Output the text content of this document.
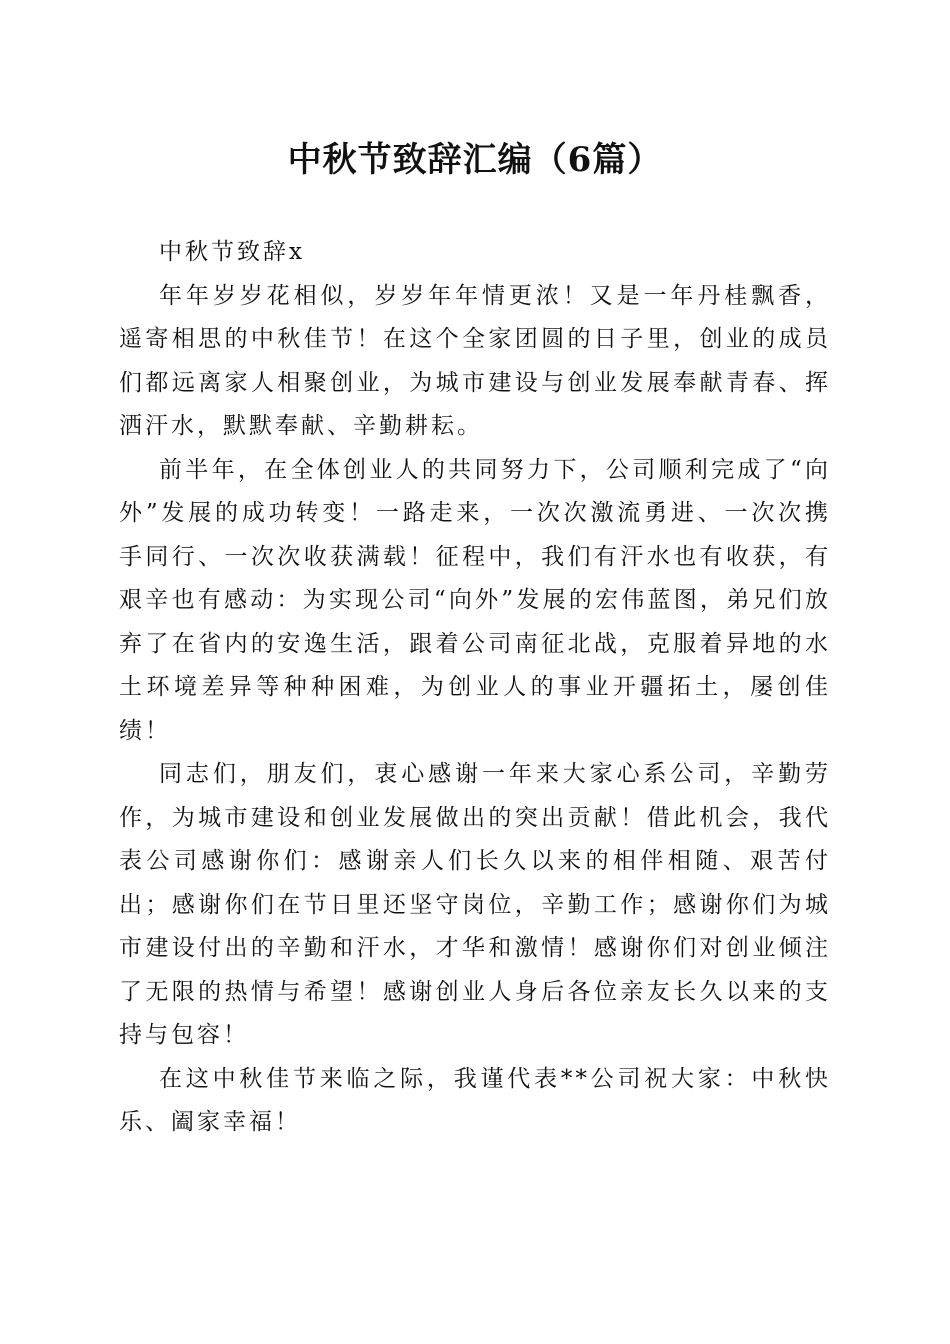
中秋节致辞汇编（6篇）

中秋节致辞x

年年岁岁花相似，岁岁年年情更浓！又是一年丹桂飘香，遥寄相思的中秋佳节！在这个全家团圆的日子里，创业的成员们都远离家人相聚创业，为城市建设与创业发展奉献青春、挥洒汗水，默默奉献、辛勤耕耘。

前半年，在全体创业人的共同努力下，公司顺利完成了“向外”发展的成功转变！一路走来，一次次激流勇进、一次次携手同行、一次次收获满载！征程中，我们有汗水也有收获，有艰辛也有感动：为实现公司“向外”发展的宏伟蓝图，弟兄们放弃了在省内的安逸生活，跟着公司南征北战，克服着异地的水土环境差异等种种困难，为创业人的事业开疆拓土，屡创佳绩！

同志们，朋友们，衷心感谢一年来大家心系公司，辛勤劳作，为城市建设和创业发展做出的突出贡献！借此机会，我代表公司感谢你们：感谢亲人们长久以来的相伴相随、艰苦付出；感谢你们在节日里还坚守岗位，辛勤工作；感谢你们为城市建设付出的辛勤和汗水，才华和激情！感谢你们对创业倾注了无限的热情与希望！感谢创业人身后各位亲友长久以来的支持与包容！

在这中秋佳节来临之际，我谨代表**公司祝大家：中秋快乐、阖家幸福！
